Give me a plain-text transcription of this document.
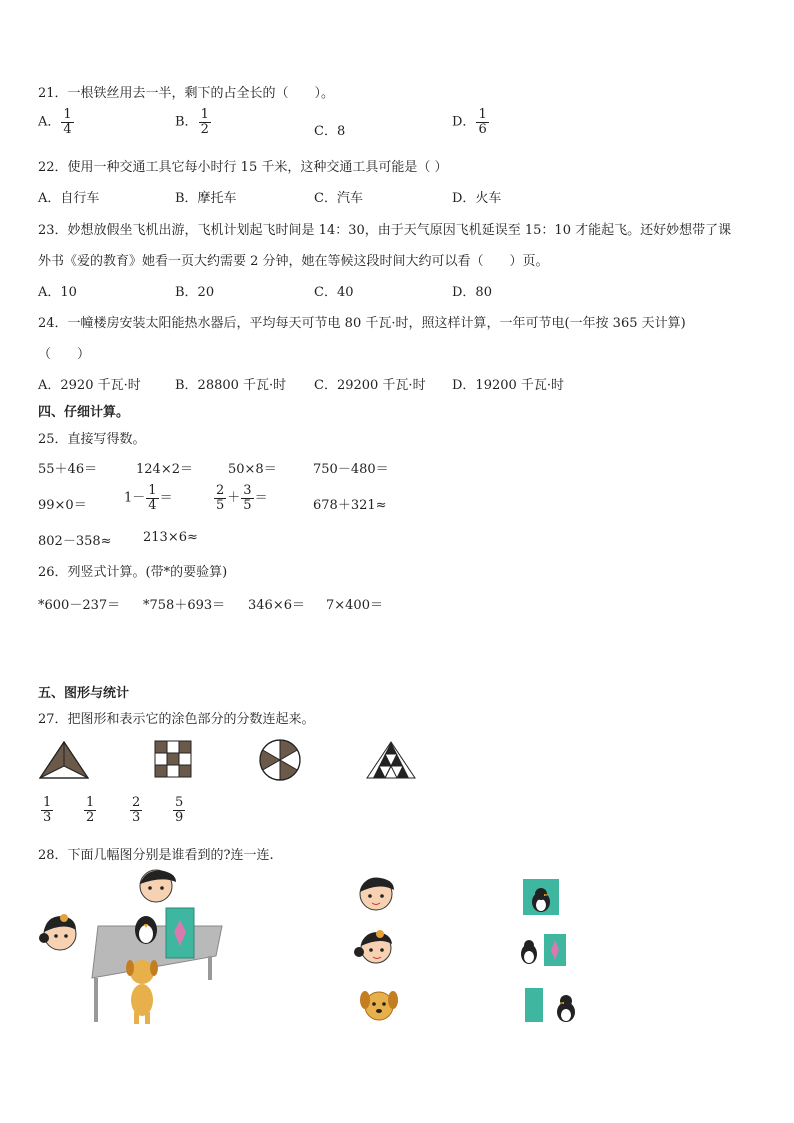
21．一根铁丝用去一半，剩下的占全长的（　　）。
A． $\frac{1}{4}$	B． $\frac{1}{2}$	C．8
D． $\frac{1}{6}$
22．使用一种交通工具它每小时行 15 千米，这种交通工具可能是（ ）
A．自行车	B．摩托车	C．汽车	D．火车
23．妙想放假坐飞机出游，飞机计划起飞时间是 14：30，由于天气原因飞机延误至 15：10 才能起飞。还好妙想带了课
外书《爱的教育》她看一页大约需要 2 分钟，她在等候这段时间大约可以看（　　）页。
A．10	B．20	C．40	D．80
24．一幢楼房安装太阳能热水器后，平均每天可节电 80 千瓦·时，照这样计算，一年可节电(一年按 365 天计算)
（　　）
A．2920 千瓦·时	B．28800 千瓦·时 C．29200 千瓦·时 D．19200 千瓦·时
四、仔细计算。
25．直接写得数。
55＋46＝	124×2＝	50×8＝	750－480＝
99×0＝	$1- \frac{1}{4}$ ＝	$\frac{2}{5} + \frac{3}{5}$ ＝	678＋321≈
802－358≈ 213×6≈
26．列竖式计算。(带*的要验算)
*600－237＝ *758＋693＝ 346×6＝ 7×400＝
五、图形与统计
27．把图形和表示它的涂色部分的分数连起来。
$\frac{1}{3} \frac{1}{2}$	$\frac{2}{3} \frac{5}{9}$
28．下面几幅图分别是谁看到的?连一连.
